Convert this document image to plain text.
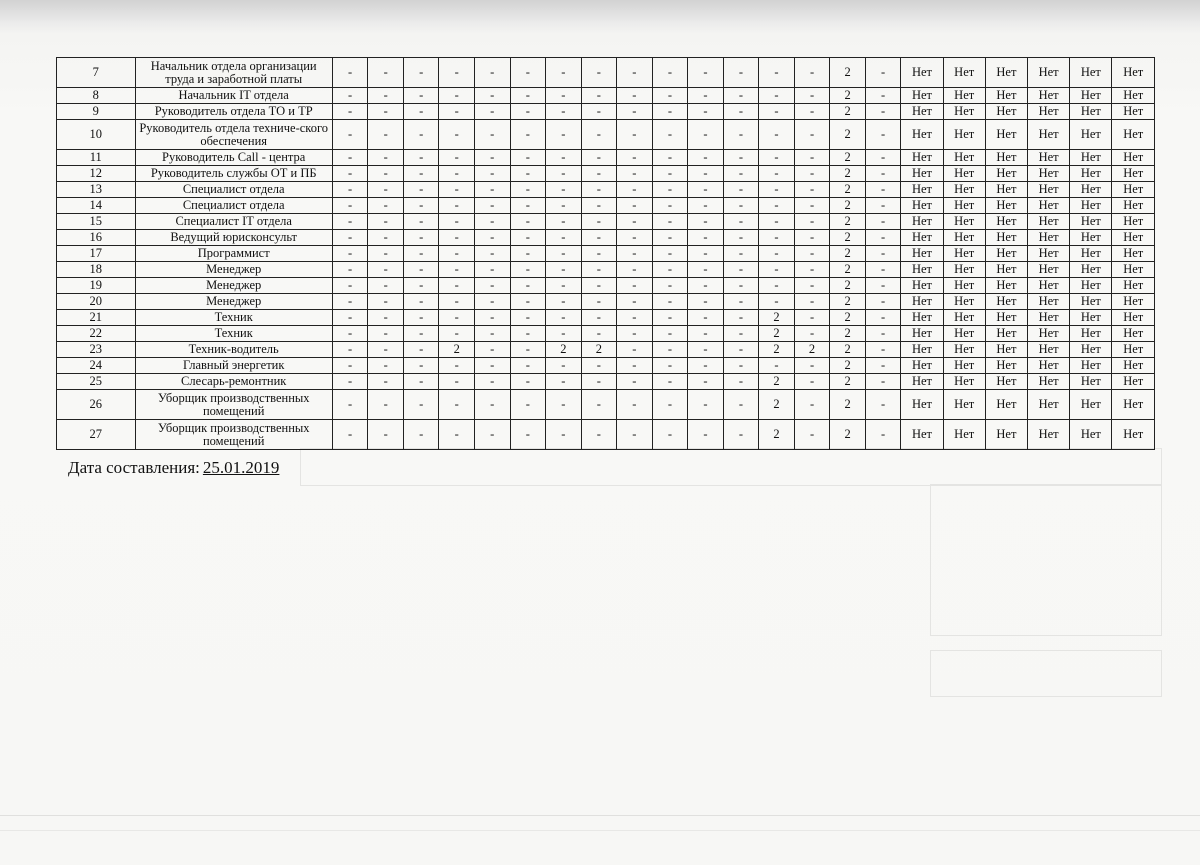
7	Начальник отдела организации труда и заработной платы	-	-	-	-	-	-	-	-	-	-	-	-	-	-	2	-	Нет	Нет	Нет	Нет	Нет	Нет
8	Начальник IT отдела	-	-	-	-	-	-	-	-	-	-	-	-	-	-	2	-	Нет	Нет	Нет	Нет	Нет	Нет
9	Руководитель отдела ТО и ТР	-	-	-	-	-	-	-	-	-	-	-	-	-	-	2	-	Нет	Нет	Нет	Нет	Нет	Нет
10	Руководитель отдела техниче-ского обеспечения	-	-	-	-	-	-	-	-	-	-	-	-	-	-	2	-	Нет	Нет	Нет	Нет	Нет	Нет
11	Руководитель Call - центра	-	-	-	-	-	-	-	-	-	-	-	-	-	-	2	-	Нет	Нет	Нет	Нет	Нет	Нет
12	Руководитель службы ОТ и ПБ	-	-	-	-	-	-	-	-	-	-	-	-	-	-	2	-	Нет	Нет	Нет	Нет	Нет	Нет
13	Специалист отдела	-	-	-	-	-	-	-	-	-	-	-	-	-	-	2	-	Нет	Нет	Нет	Нет	Нет	Нет
14	Специалист отдела	-	-	-	-	-	-	-	-	-	-	-	-	-	-	2	-	Нет	Нет	Нет	Нет	Нет	Нет
15	Специалист IT отдела	-	-	-	-	-	-	-	-	-	-	-	-	-	-	2	-	Нет	Нет	Нет	Нет	Нет	Нет
16	Ведущий юрисконсульт	-	-	-	-	-	-	-	-	-	-	-	-	-	-	2	-	Нет	Нет	Нет	Нет	Нет	Нет
17	Программист	-	-	-	-	-	-	-	-	-	-	-	-	-	-	2	-	Нет	Нет	Нет	Нет	Нет	Нет
18	Менеджер	-	-	-	-	-	-	-	-	-	-	-	-	-	-	2	-	Нет	Нет	Нет	Нет	Нет	Нет
19	Менеджер	-	-	-	-	-	-	-	-	-	-	-	-	-	-	2	-	Нет	Нет	Нет	Нет	Нет	Нет
20	Менеджер	-	-	-	-	-	-	-	-	-	-	-	-	-	-	2	-	Нет	Нет	Нет	Нет	Нет	Нет
21	Техник	-	-	-	-	-	-	-	-	-	-	-	-	2	-	2	-	Нет	Нет	Нет	Нет	Нет	Нет
22	Техник	-	-	-	-	-	-	-	-	-	-	-	-	2	-	2	-	Нет	Нет	Нет	Нет	Нет	Нет
23	Техник-водитель	-	-	-	2	-	-	2	2	-	-	-	-	2	2	2	-	Нет	Нет	Нет	Нет	Нет	Нет
24	Главный энергетик	-	-	-	-	-	-	-	-	-	-	-	-	-	-	2	-	Нет	Нет	Нет	Нет	Нет	Нет
25	Слесарь-ремонтник	-	-	-	-	-	-	-	-	-	-	-	-	2	-	2	-	Нет	Нет	Нет	Нет	Нет	Нет
26	Уборщик производственных помещений	-	-	-	-	-	-	-	-	-	-	-	-	2	-	2	-	Нет	Нет	Нет	Нет	Нет	Нет
27	Уборщик производственных помещений	-	-	-	-	-	-	-	-	-	-	-	-	2	-	2	-	Нет	Нет	Нет	Нет	Нет	Нет
Дата составления: 25.01.2019
